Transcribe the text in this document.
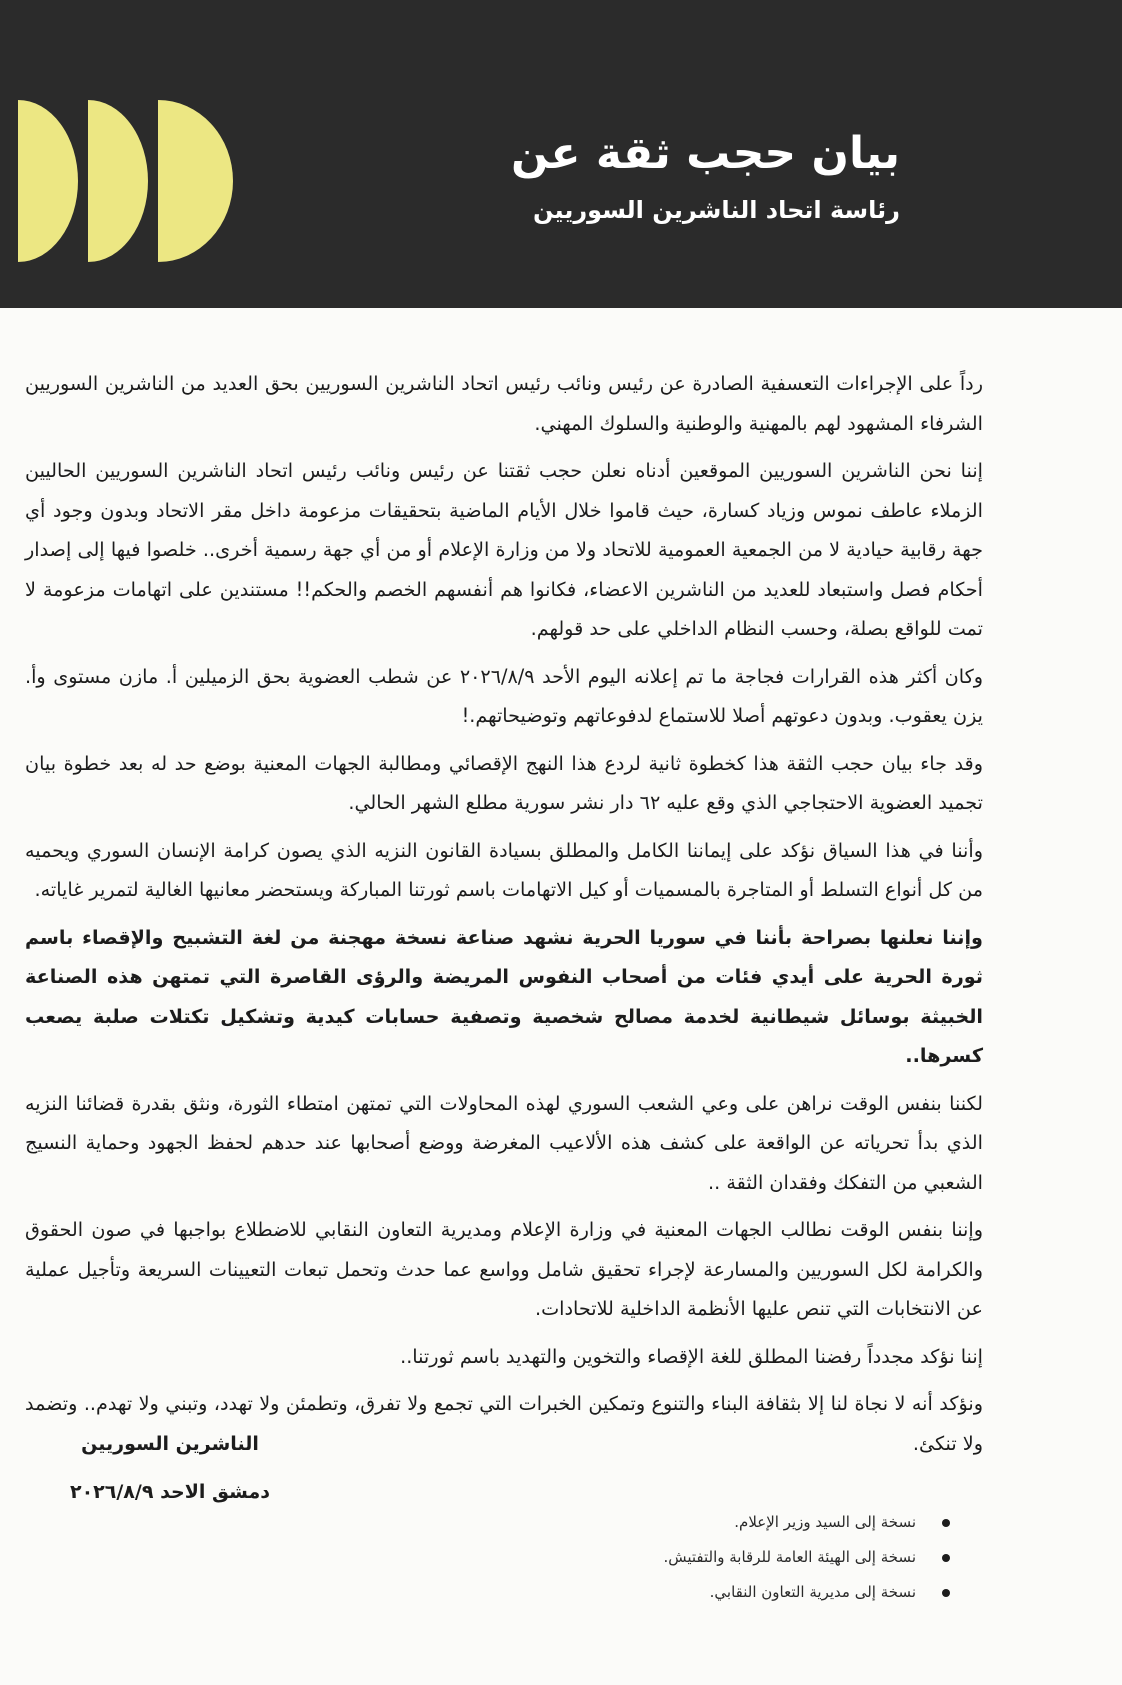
بيان حجب ثقة عن
رئاسة اتحاد الناشرين السوريين

رداً على الإجراءات التعسفية الصادرة عن رئيس ونائب رئيس اتحاد الناشرين السوريين بحق العديد من الناشرين السوريين الشرفاء المشهود لهم بالمهنية والوطنية والسلوك المهني.

إننا نحن الناشرين السوريين الموقعين أدناه نعلن حجب ثقتنا عن رئيس ونائب رئيس اتحاد الناشرين السوريين الحاليين الزملاء عاطف نموس وزياد كسارة، حيث قاموا خلال الأيام الماضية بتحقيقات مزعومة داخل مقر الاتحاد وبدون وجود أي جهة رقابية حيادية لا من الجمعية العمومية للاتحاد ولا من وزارة الإعلام أو من أي جهة رسمية أخرى.. خلصوا فيها إلى إصدار أحكام فصل واستبعاد للعديد من الناشرين الاعضاء، فكانوا هم أنفسهم الخصم والحكم!! مستندين على اتهامات مزعومة لا تمت للواقع بصلة، وحسب النظام الداخلي على حد قولهم.

وكان أكثر هذه القرارات فجاجة ما تم إعلانه اليوم الأحد ٢٠٢٦/٨/٩ عن شطب العضوية بحق الزميلين أ. مازن مستوى وأ. يزن يعقوب. وبدون دعوتهم أصلا للاستماع لدفوعاتهم وتوضيحاتهم.!

وقد جاء بيان حجب الثقة هذا كخطوة ثانية لردع هذا النهج الإقصائي ومطالبة الجهات المعنية بوضع حد له بعد خطوة بيان تجميد العضوية الاحتجاجي الذي وقع عليه ٦٢ دار نشر سورية مطلع الشهر الحالي.

وأننا في هذا السياق نؤكد على إيماننا الكامل والمطلق بسيادة القانون النزيه الذي يصون كرامة الإنسان السوري ويحميه من كل أنواع التسلط أو المتاجرة بالمسميات أو كيل الاتهامات باسم ثورتنا المباركة ويستحضر معانيها الغالية لتمرير غاياته.

وإننا نعلنها بصراحة بأننا في سوريا الحرية نشهد صناعة نسخة مهجنة من لغة التشبيح والإقصاء باسم ثورة الحرية على أيدي فئات من أصحاب النفوس المريضة والرؤى القاصرة التي تمتهن هذه الصناعة الخبيثة بوسائل شيطانية لخدمة مصالح شخصية وتصفية حسابات كيدية وتشكيل تكتلات صلبة يصعب كسرها..

لكننا بنفس الوقت نراهن على وعي الشعب السوري لهذه المحاولات التي تمتهن امتطاء الثورة، ونثق بقدرة قضائنا النزيه الذي بدأ تحرياته عن الواقعة على كشف هذه الألاعيب المغرضة ووضع أصحابها عند حدهم لحفظ الجهود وحماية النسيج الشعبي من التفكك وفقدان الثقة ..

وإننا بنفس الوقت نطالب الجهات المعنية في وزارة الإعلام ومديرية التعاون النقابي للاضطلاع بواجبها في صون الحقوق والكرامة لكل السوريين والمسارعة لإجراء تحقيق شامل وواسع عما حدث وتحمل تبعات التعيينات السريعة وتأجيل عملية عن الانتخابات التي تنص عليها الأنظمة الداخلية للاتحادات.

إننا نؤكد مجدداً رفضنا المطلق للغة الإقصاء والتخوين والتهديد باسم ثورتنا..

ونؤكد أنه لا نجاة لنا إلا بثقافة البناء والتنوع وتمكين الخبرات التي تجمع ولا تفرق، وتطمئن ولا تهدد، وتبني ولا تهدم.. وتضمد ولا تنكئ.

الناشرين السوريين
دمشق الاحد ٢٠٢٦/٨/٩
نسخة إلى السيد وزير الإعلام.
نسخة إلى الهيئة العامة للرقابة والتفتيش.
نسخة إلى مديرية التعاون النقابي.
